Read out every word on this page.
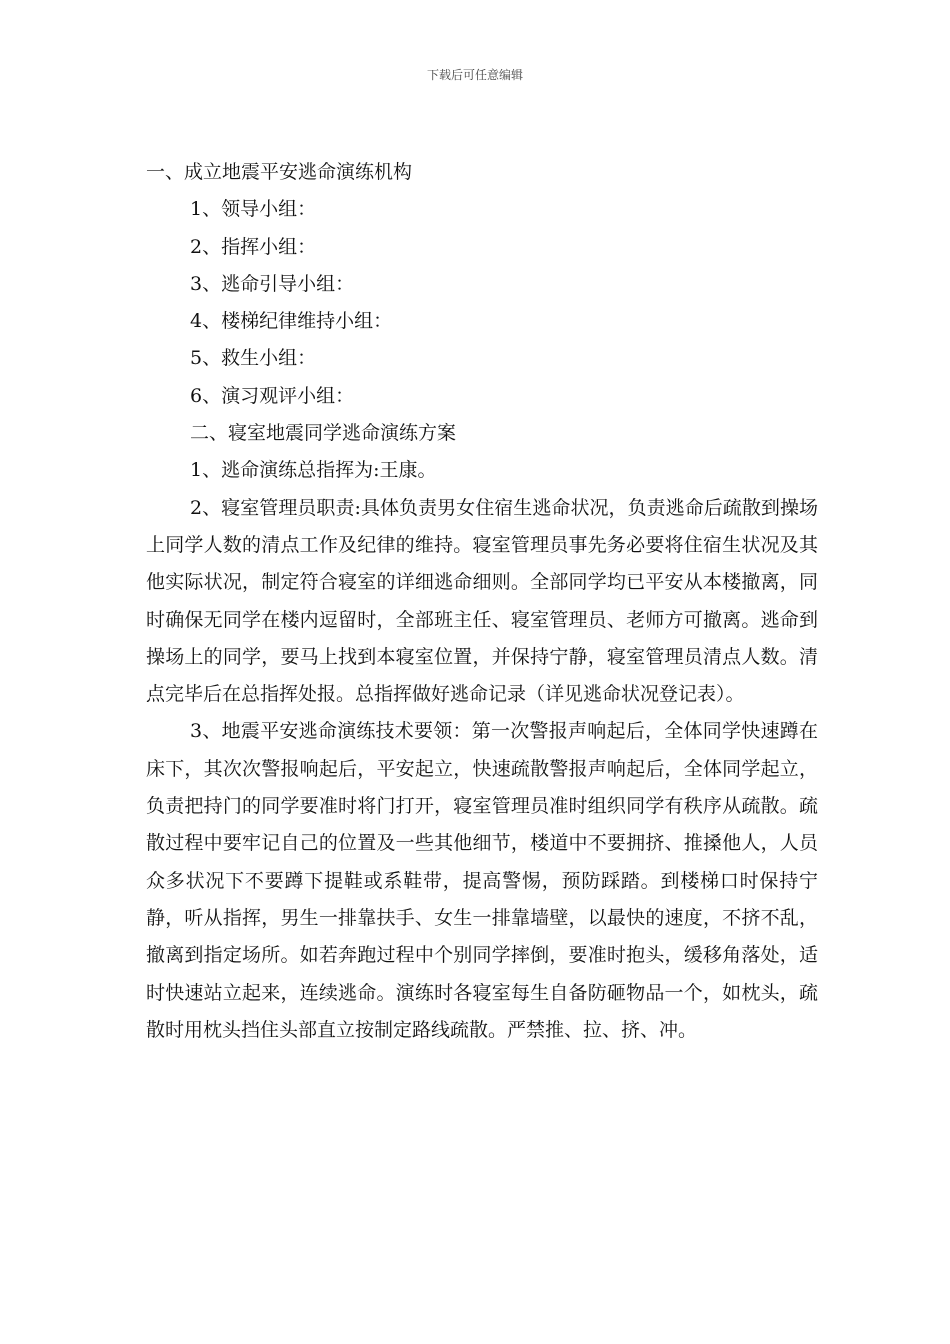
下载后可任意编辑
一、成立地震平安逃命演练机构
1、领导小组：
2、指挥小组：
3、逃命引导小组：
4、楼梯纪律维持小组：
5、救生小组：
6、演习观评小组：
二、寝室地震同学逃命演练方案
1、逃命演练总指挥为:王康。

2、寝室管理员职责:具体负责男女住宿生逃命状况，负责逃命后疏散到操场上同学人数的清点工作及纪律的维持。寝室管理员事先务必要将住宿生状况及其他实际状况，制定符合寝室的详细逃命细则。全部同学均已平安从本楼撤离，同时确保无同学在楼内逗留时，全部班主任、寝室管理员、老师方可撤离。逃命到操场上的同学，要马上找到本寝室位置，并保持宁静，寝室管理员清点人数。清点完毕后在总指挥处报。总指挥做好逃命记录（详见逃命状况登记表）。

3、地震平安逃命演练技术要领：第一次警报声响起后，全体同学快速蹲在床下，其次次警报响起后，平安起立，快速疏散警报声响起后，全体同学起立，负责把持门的同学要准时将门打开，寝室管理员准时组织同学有秩序从疏散。疏散过程中要牢记自己的位置及一些其他细节，楼道中不要拥挤、推搡他人，人员众多状况下不要蹲下提鞋或系鞋带，提高警惕，预防踩踏。到楼梯口时保持宁静，听从指挥，男生一排靠扶手、女生一排靠墙壁，以最快的速度，不挤不乱，撤离到指定场所。如若奔跑过程中个别同学摔倒，要准时抱头，缓移角落处，适时快速站立起来，连续逃命。演练时各寝室每生自备防砸物品一个，如枕头，疏散时用枕头挡住头部直立按制定路线疏散。严禁推、拉、挤、冲。
